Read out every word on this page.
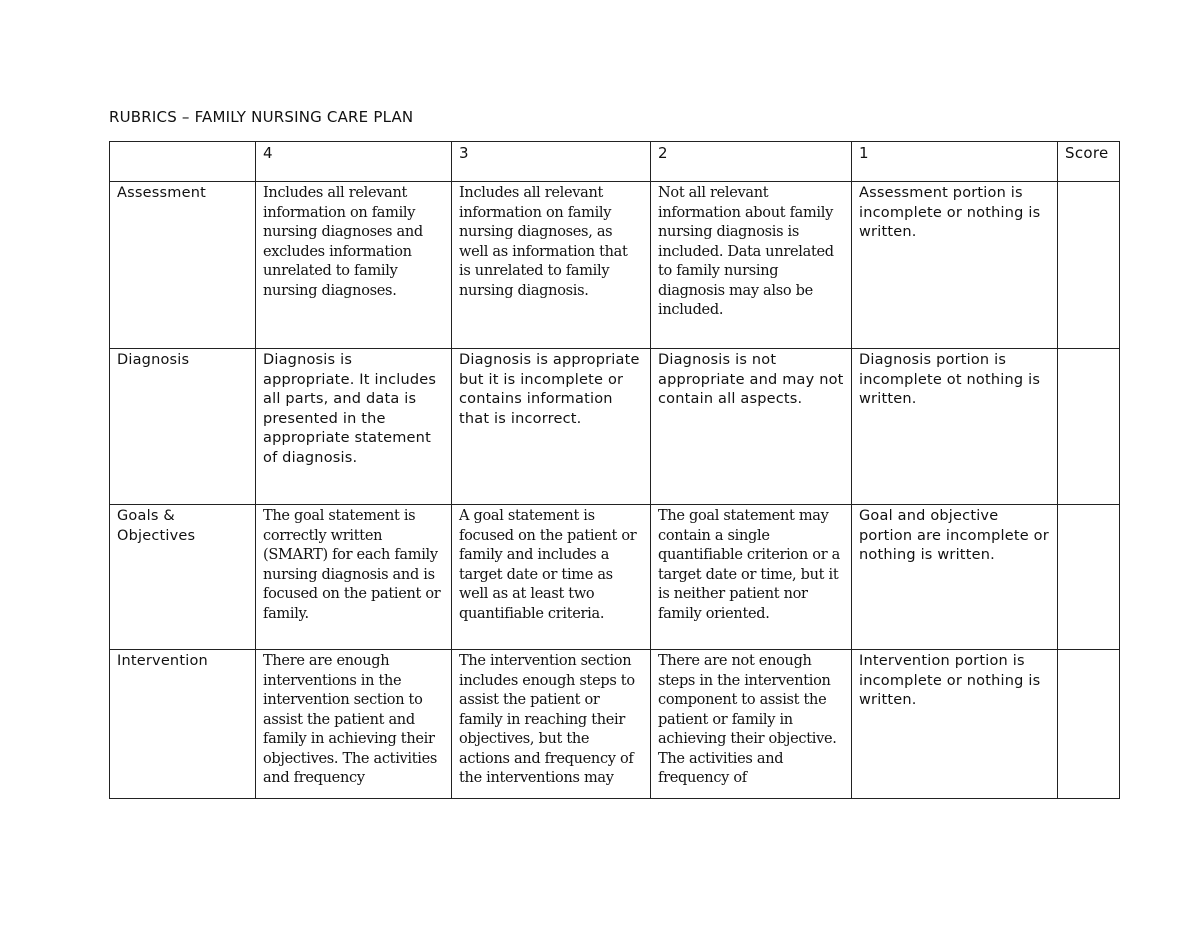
RUBRICS – FAMILY NURSING CARE PLAN
	4	3	2	1	Score
Assessment	Includes all relevant information on family nursing diagnoses and excludes information unrelated to family nursing diagnoses.	Includes all relevant information on family nursing diagnoses, as well as information that is unrelated to family nursing diagnosis.	Not all relevant information about family nursing diagnosis is included. Data unrelated to family nursing diagnosis may also be included.	Assessment portion is incomplete or nothing is written.	
Diagnosis	Diagnosis is appropriate. It includes all parts, and data is presented in the appropriate statement of diagnosis.	Diagnosis is appropriate but it is incomplete or contains information that is incorrect.	Diagnosis is not appropriate and may not contain all aspects.	Diagnosis portion is incomplete ot nothing is written.	
Goals & Objectives	The goal statement is correctly written (SMART) for each family nursing diagnosis and is focused on the patient or family.	A goal statement is focused on the patient or family and includes a target date or time as well as at least two quantifiable criteria.	The goal statement may contain a single quantifiable criterion or a target date or time, but it is neither patient nor family oriented.	Goal and objective portion are incomplete or nothing is written.	
Intervention	There are enough interventions in the intervention section to assist the patient and family in achieving their objectives. The activities and frequency	The intervention section includes enough steps to assist the patient or family in reaching their objectives, but the actions and frequency of the interventions may	There are not enough steps in the intervention component to assist the patient or family in achieving their objective. The activities and frequency of	Intervention portion is incomplete or nothing is written.	
